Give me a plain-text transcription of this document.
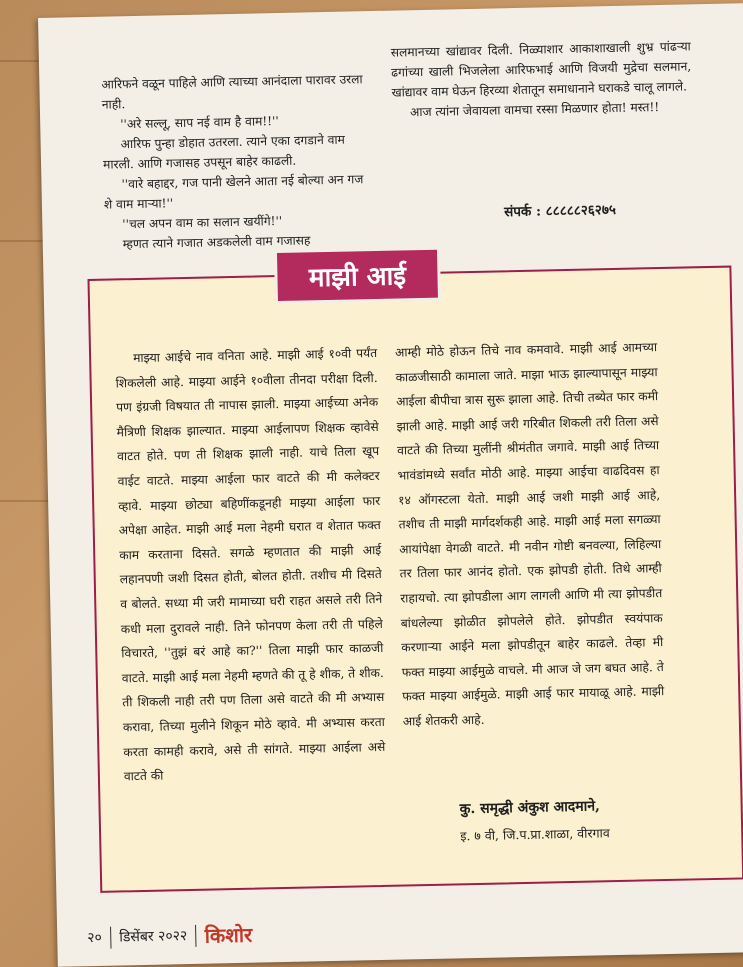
आरिफने वळून पाहिले आणि त्याच्या आनंदाला पारावर उरला नाही.

''अरे सल्लू, साप नई वाम है वाम!!''

आरिफ पुन्हा डोहात उतरला. त्याने एका दगडाने वाम मारली. आणि गजासह उपसून बाहेर काढली.

''वारे बहाद्दर, गज पानी खेलने आता नई बोल्या अन गज शे वाम माऱ्या!''

''चल अपन वाम का सलान खयींगे!''

म्हणत त्याने गजात अडकलेली वाम गजासह

सलमानच्या खांद्यावर दिली. निळ्याशार आकाशाखाली शुभ्र पांढऱ्या ढगांच्या खाली भिजलेला आरिफभाई आणि विजयी मुद्रेचा सलमान, खांद्यावर वाम घेऊन हिरव्या शेतातून समाधानाने घराकडे चालू लागले.

आज त्यांना जेवायला वामचा रस्सा मिळणार होता! मस्त!!

संपर्क : ८८८८८२६२७५
माझी आई

माझ्या आईचे नाव वनिता आहे. माझी आई १०वी पर्यंत शिकलेली आहे. माझ्या आईने १०वीला तीनदा परीक्षा दिली. पण इंग्रजी विषयात ती नापास झाली. माझ्या आईच्या अनेक मैत्रिणी शिक्षक झाल्यात. माझ्या आईलापण शिक्षक व्हावेसे वाटत होते. पण ती शिक्षक झाली नाही. याचे तिला खूप वाईट वाटते. माझ्या आईला फार वाटते की मी कलेक्टर व्हावे. माझ्या छोट्या बहिणींकडूनही माझ्या आईला फार अपेक्षा आहेत. माझी आई मला नेहमी घरात व शेतात फक्त काम करताना दिसते. सगळे म्हणतात की माझी आई लहानपणी जशी दिसत होती, बोलत होती. तशीच मी दिसते व बोलते. सध्या मी जरी मामाच्या घरी राहत असले तरी तिने कधी मला दुरावले नाही. तिने फोनपण केला तरी ती पहिले विचारते, ''तुझं बरं आहे का?'' तिला माझी फार काळजी वाटते. माझी आई मला नेहमी म्हणते की तू हे शीक, ते शीक. ती शिकली नाही तरी पण तिला असे वाटते की मी अभ्यास करावा, तिच्या मुलीने शिकून मोठे व्हावे. मी अभ्यास करता करता कामही करावे, असे ती सांगते. माझ्या आईला असे वाटते की

आम्ही मोठे होऊन तिचे नाव कमवावे. माझी आई आमच्या काळजीसाठी कामाला जाते. माझा भाऊ झाल्यापासून माझ्या आईला बीपीचा त्रास सुरू झाला आहे. तिची तब्येत फार कमी झाली आहे. माझी आई जरी गरिबीत शिकली तरी तिला असे वाटते की तिच्या मुलींनी श्रीमंतीत जगावे. माझी आई तिच्या भावंडांमध्ये सर्वांत मोठी आहे. माझ्या आईचा वाढदिवस हा १४ ऑगस्टला येतो. माझी आई जशी माझी आई आहे, तशीच ती माझी मार्गदर्शकही आहे. माझी आई मला सगळ्या आयांपेक्षा वेगळी वाटते. मी नवीन गोष्टी बनवल्या, लिहिल्या तर तिला फार आनंद होतो. एक झोपडी होती. तिथे आम्ही राहायचो. त्या झोपडीला आग लागली आणि मी त्या झोपडीत बांधलेल्या झोळीत झोपलेले होते. झोपडीत स्वयंपाक करणाऱ्या आईने मला झोपडीतून बाहेर काढले. तेव्हा मी फक्त माझ्या आईमुळे वाचले. मी आज जे जग बघत आहे. ते फक्त माझ्या आईमुळे. माझी आई फार मायाळू आहे. माझी आई शेतकरी आहे.

कु. समृद्धी अंकुश आदमाने,
इ. ७ वी, जि.प.प्रा.शाळा, वीरगाव
२० डिसेंबर २०२२ किशोर
